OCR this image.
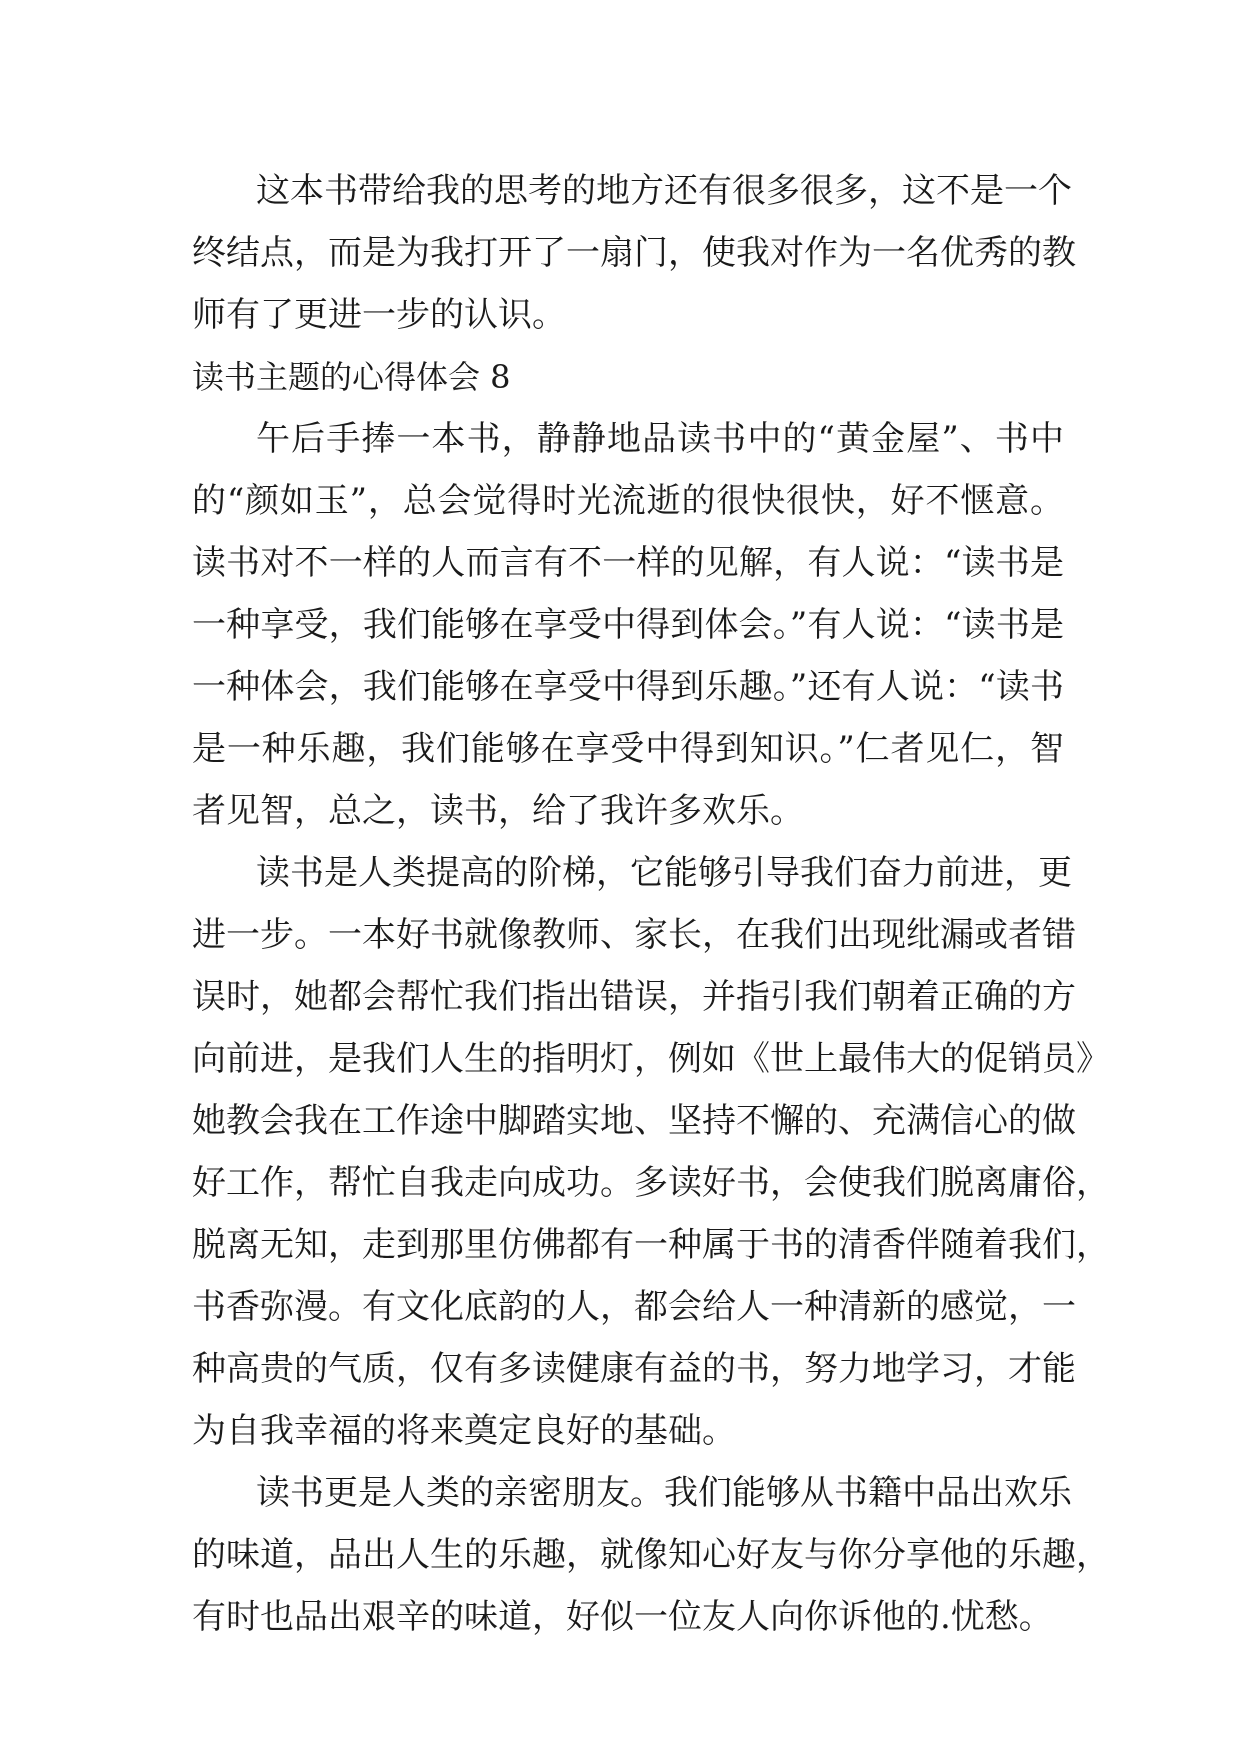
这本书带给我的思考的地方还有很多很多，这不是一个
终结点，而是为我打开了一扇门，使我对作为一名优秀的教
师有了更进一步的认识。
读书主题的心得体会 8
午后手捧一本书，静静地品读书中的“黄金屋”、书中
的“颜如玉”，总会觉得时光流逝的很快很快，好不惬意。
读书对不一样的人而言有不一样的见解，有人说：“读书是
一种享受，我们能够在享受中得到体会。”有人说：“读书是
一种体会，我们能够在享受中得到乐趣。”还有人说：“读书
是一种乐趣，我们能够在享受中得到知识。”仁者见仁，智
者见智，总之，读书，给了我许多欢乐。
读书是人类提高的阶梯，它能够引导我们奋力前进，更
进一步。一本好书就像教师、家长，在我们出现纰漏或者错
误时，她都会帮忙我们指出错误，并指引我们朝着正确的方
向前进，是我们人生的指明灯，例如《世上最伟大的促销员》
她教会我在工作途中脚踏实地、坚持不懈的、充满信心的做
好工作，帮忙自我走向成功。多读好书，会使我们脱离庸俗，
脱离无知，走到那里仿佛都有一种属于书的清香伴随着我们，
书香弥漫。有文化底韵的人，都会给人一种清新的感觉，一
种高贵的气质，仅有多读健康有益的书，努力地学习，才能
为自我幸福的将来奠定良好的基础。
读书更是人类的亲密朋友。我们能够从书籍中品出欢乐
的味道，品出人生的乐趣，就像知心好友与你分享他的乐趣，
有时也品出艰辛的味道，好似一位友人向你诉他的.忧愁。
